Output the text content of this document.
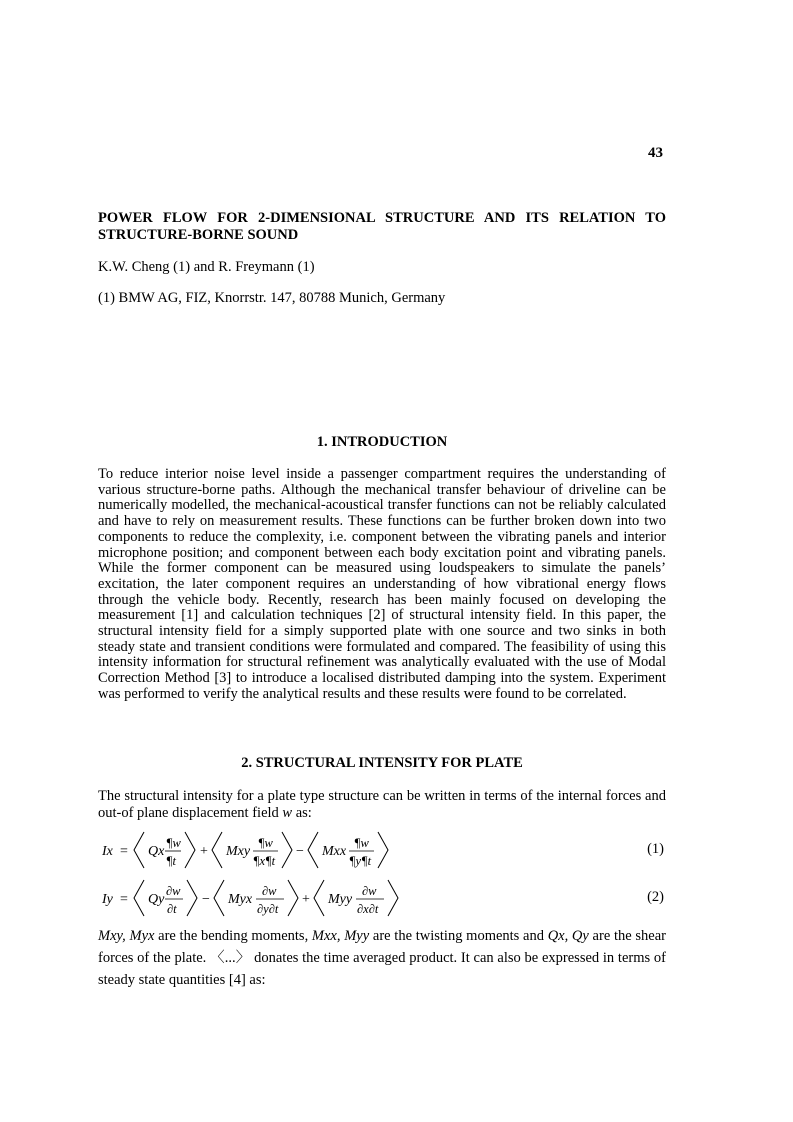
43
POWER FLOW FOR 2-DIMENSIONAL STRUCTURE AND ITS RELATION TO STRUCTURE-BORNE SOUND

K.W. Cheng (1) and R. Freymann (1)

(1) BMW AG, FIZ, Knorrstr. 147, 80788 Munich, Germany

1. INTRODUCTION

To reduce interior noise level inside a passenger compartment requires the understanding of various structure-borne paths. Although the mechanical transfer behaviour of driveline can be numerically modelled, the mechanical-acoustical transfer functions can not be reliably calculated and have to rely on measurement results. These functions can be further broken down into two components to reduce the complexity, i.e. component between the vibrating panels and interior microphone position; and component between each body excitation point and vibrating panels. While the former component can be measured using loudspeakers to simulate the panels’ excitation, the later component requires an understanding of how vibrational energy flows through the vehicle body. Recently, research has been mainly focused on developing the measurement [1] and calculation techniques [2] of structural intensity field. In this paper, the structural intensity field for a simply supported plate with one source and two sinks in both steady state and transient conditions were formulated and compared. The feasibility of using this intensity information for structural refinement was analytically evaluated with the use of Modal Correction Method [3] to introduce a localised distributed damping into the system. Experiment was performed to verify the analytical results and these results were found to be correlated.

2. STRUCTURAL INTENSITY FOR PLATE

The structural intensity for a plate type structure can be written in terms of the internal forces and out-of plane displacement field w as:

Ix = Qx
¶w
¶t
+ Mxy
¶w
¶x¶t
− Mxx
¶w
¶y¶t
(1)
Iy = Qy
∂w
∂t
− Myx
∂w
∂y∂t
+ Myy
∂w
∂x∂t
(2)

Mxy, Myx are the bending moments, Mxx, Myy are the twisting moments and Qx, Qy are the shear forces of the plate. 〈...〉 donates the time averaged product. It can also be expressed in terms of steady state quantities [4] as:
